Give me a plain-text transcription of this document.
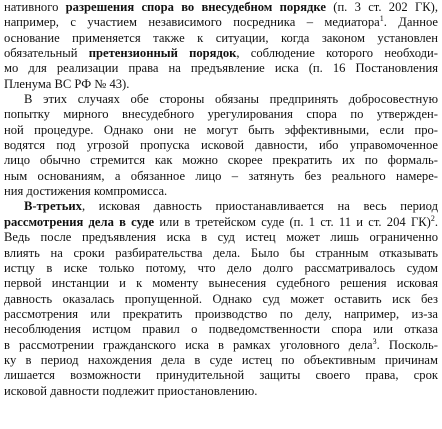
нативного разрешения спора во внесудебном порядке (п. 3 ст. 202 ГК),
например, с участием независимого посредника – медиатора$^1$. Данное
основание применяется также к ситуации, когда законом установлен
обязательный претензионный порядок, соблюдение которого необходи-
мо для реализации права на предъявление иска (п. 16 Постановления
Пленума ВС РФ № 43).
В этих случаях обе стороны обязаны предпринять добросовестную
попытку мирного внесудебного урегулирования спора по утвержден-
ной процедуре. Однако они не могут быть эффективными, если про-
водятся под угрозой пропуска исковой давности, ибо управомоченное
лицо обычно стремится как можно скорее прекратить их по формаль-
ным основаниям, а обязанное лицо – затянуть без реального намере-
ния достижения компромисса.
В-третьих, исковая давность приостанавливается на весь период
рассмотрения дела в суде или в третейском суде (п. 1 ст. 11 и ст. 204 ГК)$^2$.
Ведь после предъявления иска в суд истец может лишь ограниченно
влиять на сроки разбирательства дела. Было бы странным отказывать
истцу в иске только потому, что дело долго рассматривалось судом
первой инстанции и к моменту вынесения судебного решения исковая
давность оказалась пропущенной. Однако суд может оставить иск без
рассмотрения или прекратить производство по делу, например, из-за
несоблюдения истцом правил о подведомственности спора или отказа
в рассмотрении гражданского иска в рамках уголовного дела$^3$. Посколь-
ку в период нахождения дела в суде истец по объективным причинам
лишается возможности принудительной защиты своего права, срок
исковой давности подлежит приостановлению.
